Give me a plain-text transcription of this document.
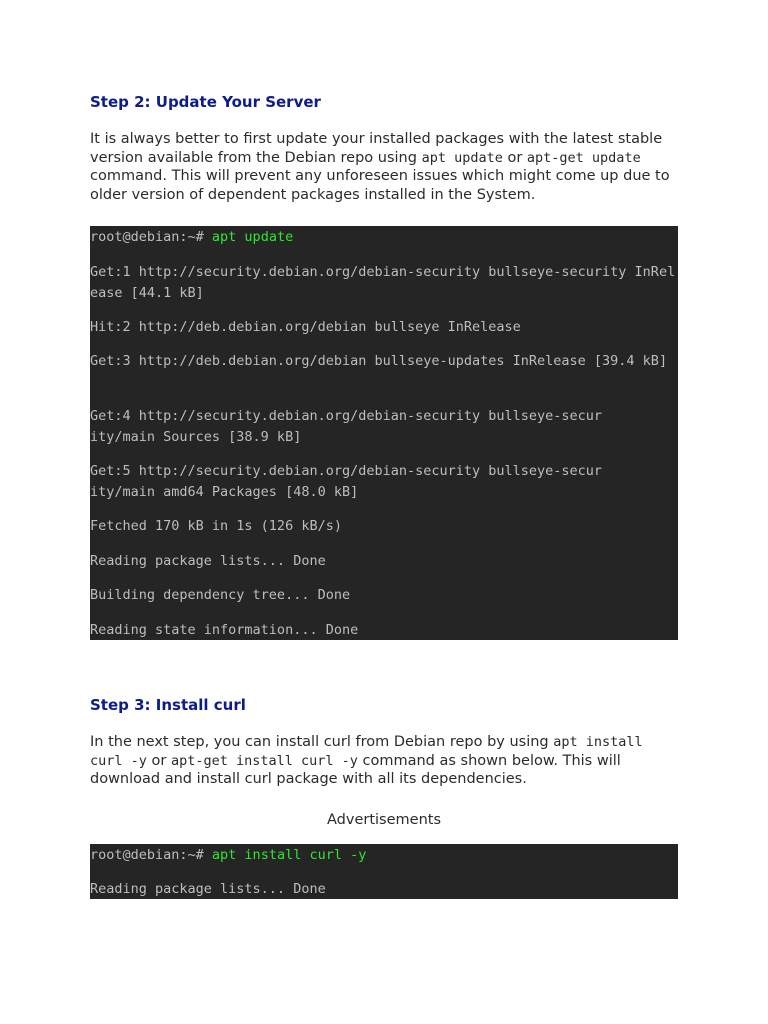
Step 2: Update Your Server

It is always better to first update your installed packages with the latest stable version available from the Debian repo using apt update or apt-get update command. This will prevent any unforeseen issues which might come up due to older version of dependent packages installed in the System.

root@debian:~# apt update

Get:1 http://security.debian.org/debian-security bullseye-security InRelease [44.1 kB]

Hit:2 http://deb.debian.org/debian bullseye InRelease

Get:3 http://deb.debian.org/debian bullseye-updates InRelease [39.4 kB]

Get:4 http://security.debian.org/debian-security bullseye-security/main Sources [38.9 kB]

Get:5 http://security.debian.org/debian-security bullseye-security/main amd64 Packages [48.0 kB]

Fetched 170 kB in 1s (126 kB/s)

Reading package lists... Done

Building dependency tree... Done

Reading state information... Done

Step 3: Install curl

In the next step, you can install curl from Debian repo by using apt install curl -y or apt-get install curl -y command as shown below. This will download and install curl package with all its dependencies.

Advertisements

root@debian:~# apt install curl -y

Reading package lists... Done
